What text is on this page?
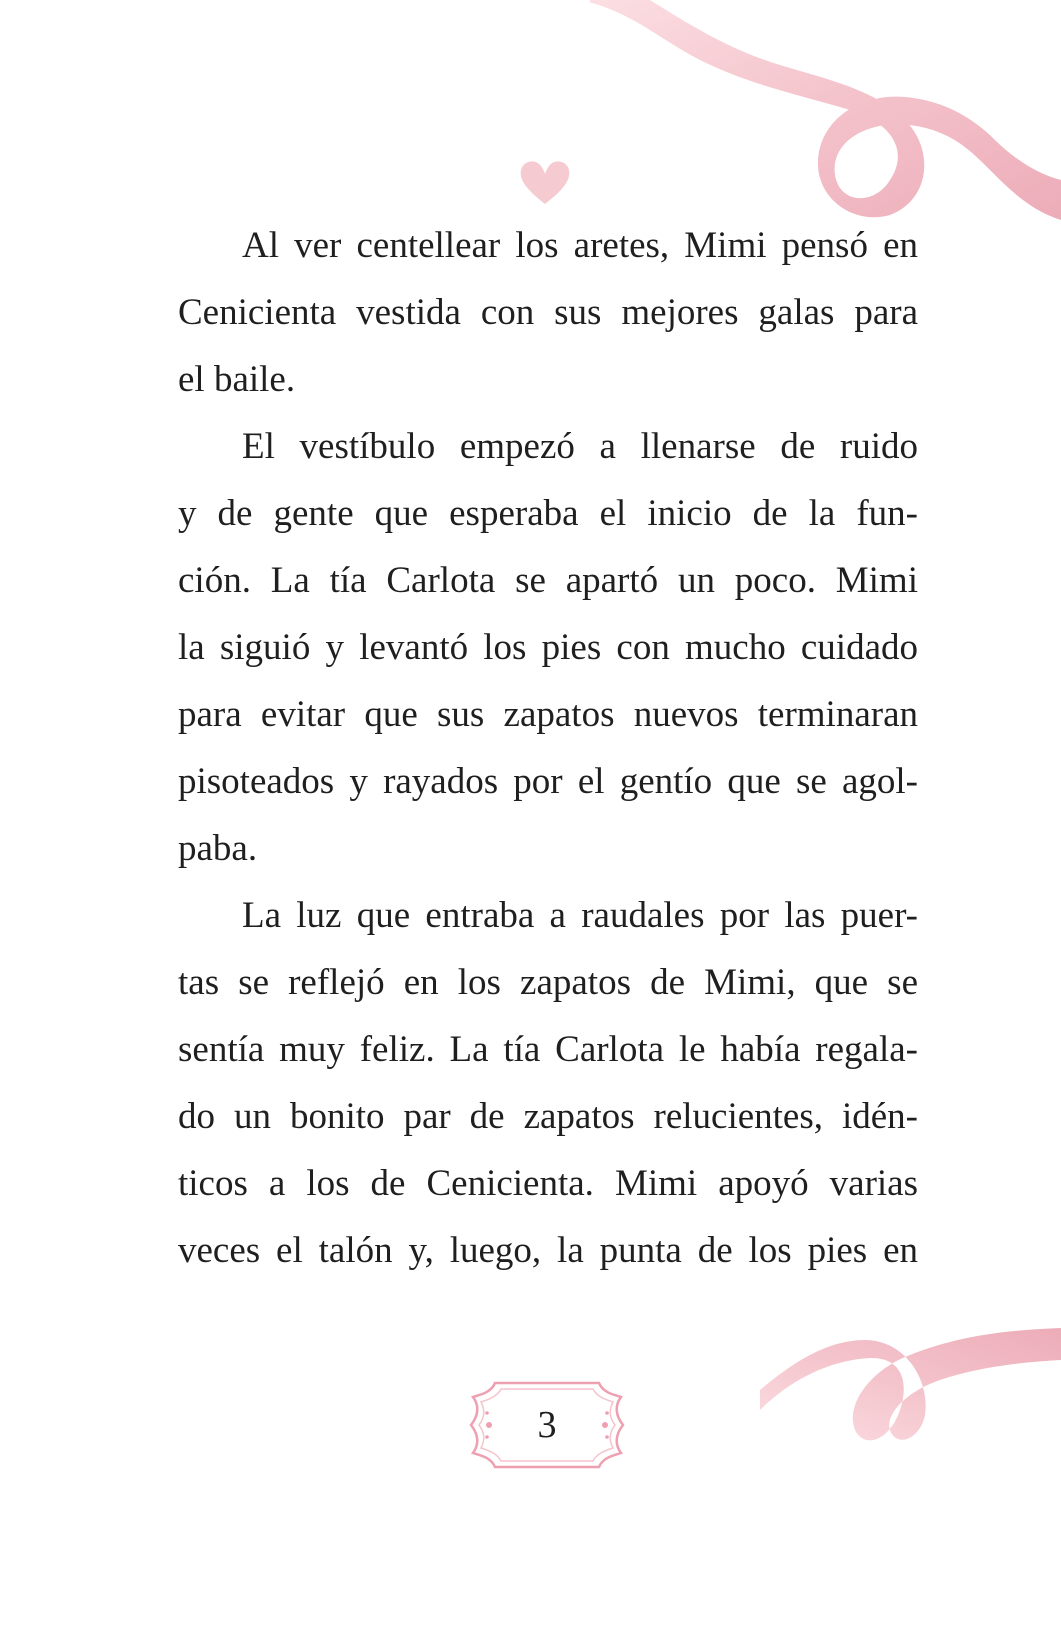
Al ver centellear los aretes, Mimi pensó en
Cenicienta vestida con sus mejores galas para
el baile.
El vestíbulo empezó a llenarse de ruido
y de gente que esperaba el inicio de la fun-
ción. La tía Carlota se apartó un poco. Mimi
la siguió y levantó los pies con mucho cuidado
para evitar que sus zapatos nuevos terminaran
pisoteados y rayados por el gentío que se agol-
paba.
La luz que entraba a raudales por las puer-
tas se reflejó en los zapatos de Mimi, que se
sentía muy feliz. La tía Carlota le había regala-
do un bonito par de zapatos relucientes, idén-
ticos a los de Cenicienta. Mimi apoyó varias
veces el talón y, luego, la punta de los pies en
3
